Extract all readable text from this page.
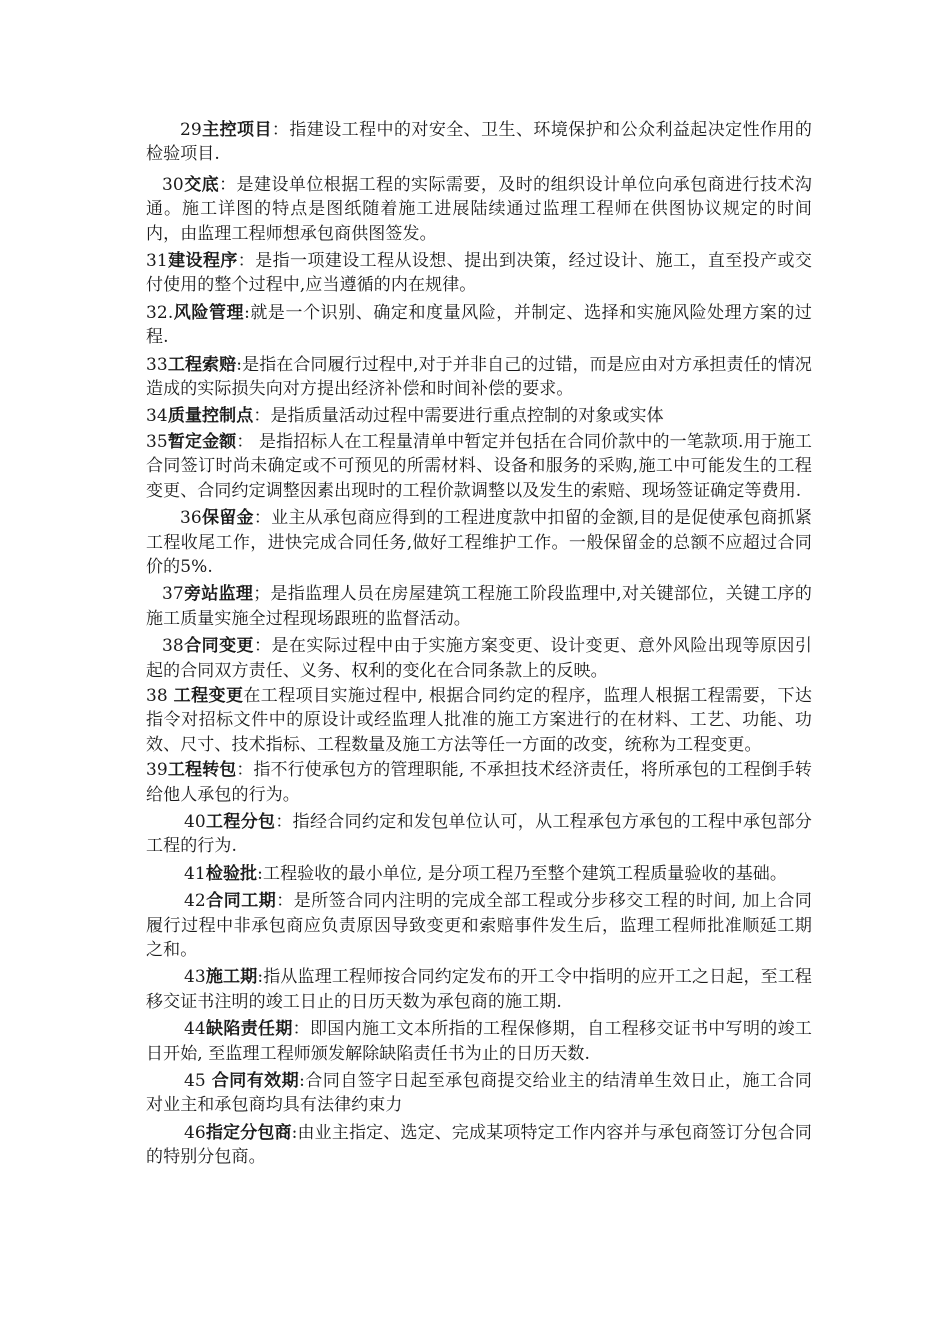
29主控项目：指建设工程中的对安全、卫生、环境保护和公众利益起决定性作用的检验项目.

30交底：是建设单位根据工程的实际需要，及时的组织设计单位向承包商进行技术沟通。施工详图的特点是图纸随着施工进展陆续通过监理工程师在供图协议规定的时间内，由监理工程师想承包商供图签发。

31建设程序：是指一项建设工程从设想、提出到决策，经过设计、施工，直至投产或交付使用的整个过程中,应当遵循的内在规律。

32.风险管理:就是一个识别、确定和度量风险，并制定、选择和实施风险处理方案的过程.

33工程索赔:是指在合同履行过程中,对于并非自己的过错，而是应由对方承担责任的情况造成的实际损失向对方提出经济补偿和时间补偿的要求。

34质量控制点：是指质量活动过程中需要进行重点控制的对象或实体

35暂定金额： 是指招标人在工程量清单中暂定并包括在合同价款中的一笔款项.用于施工合同签订时尚未确定或不可预见的所需材料、设备和服务的采购,施工中可能发生的工程变更、合同约定调整因素出现时的工程价款调整以及发生的索赔、现场签证确定等费用.

36保留金：业主从承包商应得到的工程进度款中扣留的金额,目的是促使承包商抓紧工程收尾工作，进快完成合同任务,做好工程维护工作。一般保留金的总额不应超过合同价的5%.

37旁站监理；是指监理人员在房屋建筑工程施工阶段监理中,对关键部位，关键工序的施工质量实施全过程现场跟班的监督活动。

38合同变更：是在实际过程中由于实施方案变更、设计变更、意外风险出现等原因引起的合同双方责任、义务、权利的变化在合同条款上的反映。

38 工程变更在工程项目实施过程中, 根据合同约定的程序，监理人根据工程需要，下达指令对招标文件中的原设计或经监理人批准的施工方案进行的在材料、工艺、功能、功效、尺寸、技术指标、工程数量及施工方法等任一方面的改变，统称为工程变更。

39工程转包：指不行使承包方的管理职能, 不承担技术经济责任，将所承包的工程倒手转给他人承包的行为。

40工程分包：指经合同约定和发包单位认可，从工程承包方承包的工程中承包部分工程的行为.

41检验批:工程验收的最小单位, 是分项工程乃至整个建筑工程质量验收的基础。

42合同工期：是所签合同内注明的完成全部工程或分步移交工程的时间, 加上合同履行过程中非承包商应负责原因导致变更和索赔事件发生后，监理工程师批准顺延工期之和。

43施工期:指从监理工程师按合同约定发布的开工令中指明的应开工之日起，至工程移交证书注明的竣工日止的日历天数为承包商的施工期.

44缺陷责任期：即国内施工文本所指的工程保修期，自工程移交证书中写明的竣工日开始, 至监理工程师颁发解除缺陷责任书为止的日历天数.

45 合同有效期:合同自签字日起至承包商提交给业主的结清单生效日止，施工合同对业主和承包商均具有法律约束力

46指定分包商:由业主指定、选定、完成某项特定工作内容并与承包商签订分包合同的特别分包商。
